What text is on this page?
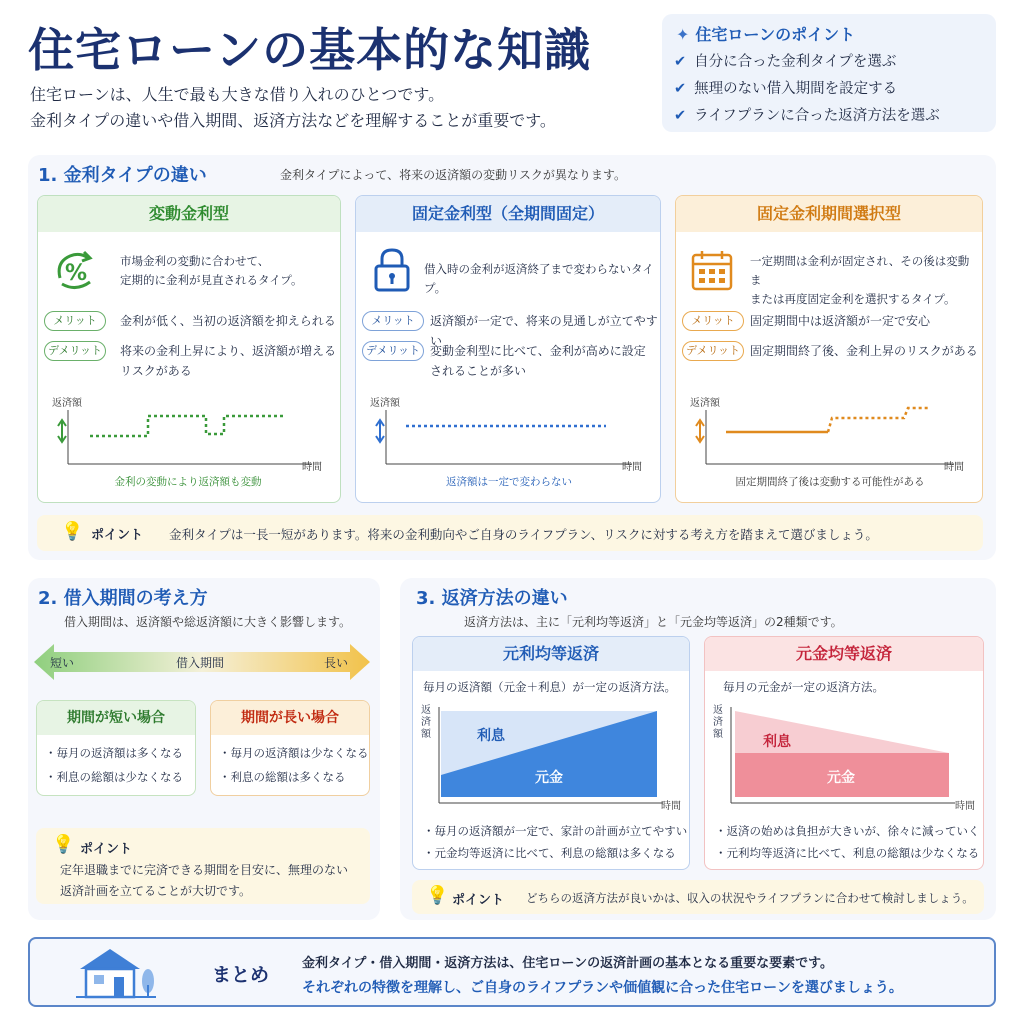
住宅ローンの基本的な知識
住宅ローンは、人生で最も大きな借り入れのひとつです。
金利タイプの違いや借入期間、返済方法などを理解することが重要です。
✦ 住宅ローンのポイント
✔ 自分に合った金利タイプを選ぶ
✔ 無理のない借入期間を設定する
✔ ライフプランに合った返済方法を選ぶ
1. 金利タイプの違い	金利タイプによって、将来の返済額の変動リスクが異なります。
変動金利型
%	市場金利の変動に合わせて、
定期的に金利が見直されるタイプ。
メリット	金利が低く、当初の返済額を抑えられる
デメリット	将来の金利上昇により、返済額が増える
リスクがある
返済額
時間
金利の変動により返済額も変動
固定金利型（全期間固定）
借入時の金利が返済終了まで変わらないタイプ。
メリット	返済額が一定で、将来の見通しが立てやすい
デメリット 変動金利型に比べて、金利が高めに設定
されることが多い
返済額
時間
返済額は一定で変わらない
固定金利期間選択型
一定期間は金利が固定され、その後は変動ま
または再度固定金利を選択するタイプ。
メリット	固定期間中は返済額が一定で安心
デメリット 固定期間終了後、金利上昇のリスクがある
返済額
時間
固定期間終了後は変動する可能性がある
💡 ポイント 金利タイプは一長一短があります。将来の金利動向やご自身のライフプラン、リスクに対する考え方を踏まえて選びましょう。
2. 借入期間の考え方
借入期間は、返済額や総返済額に大きく影響します。
短い	借入期間	長い
期間が短い場合
・毎月の返済額は多くなる
・利息の総額は少なくなる
期間が長い場合
・毎月の返済額は少なくなる
・利息の総額は多くなる
💡 ポイント
定年退職までに完済できる期間を目安に、無理のない
返済計画を立てることが大切です。
3. 返済方法の違い
返済方法は、主に「元利均等返済」と「元金均等返済」の2種類です。
元利均等返済
毎月の返済額（元金＋利息）が一定の返済方法。
返済額	利息
元金
時間
・毎月の返済額が一定で、家計の計画が立てやすい
・元金均等返済に比べて、利息の総額は多くなる
元金均等返済
毎月の元金が一定の返済方法。
返済額	利息
元金
時間
・返済の始めは負担が大きいが、徐々に減っていく
・元利均等返済に比べて、利息の総額は少なくなる
💡 ポイント どちらの返済方法が良いかは、収入の状況やライフプランに合わせて検討しましょう。
まとめ
金利タイプ・借入期間・返済方法は、住宅ローンの返済計画の基本となる重要な要素です。
それぞれの特徴を理解し、ご自身のライフプランや価値観に合った住宅ローンを選びましょう。
